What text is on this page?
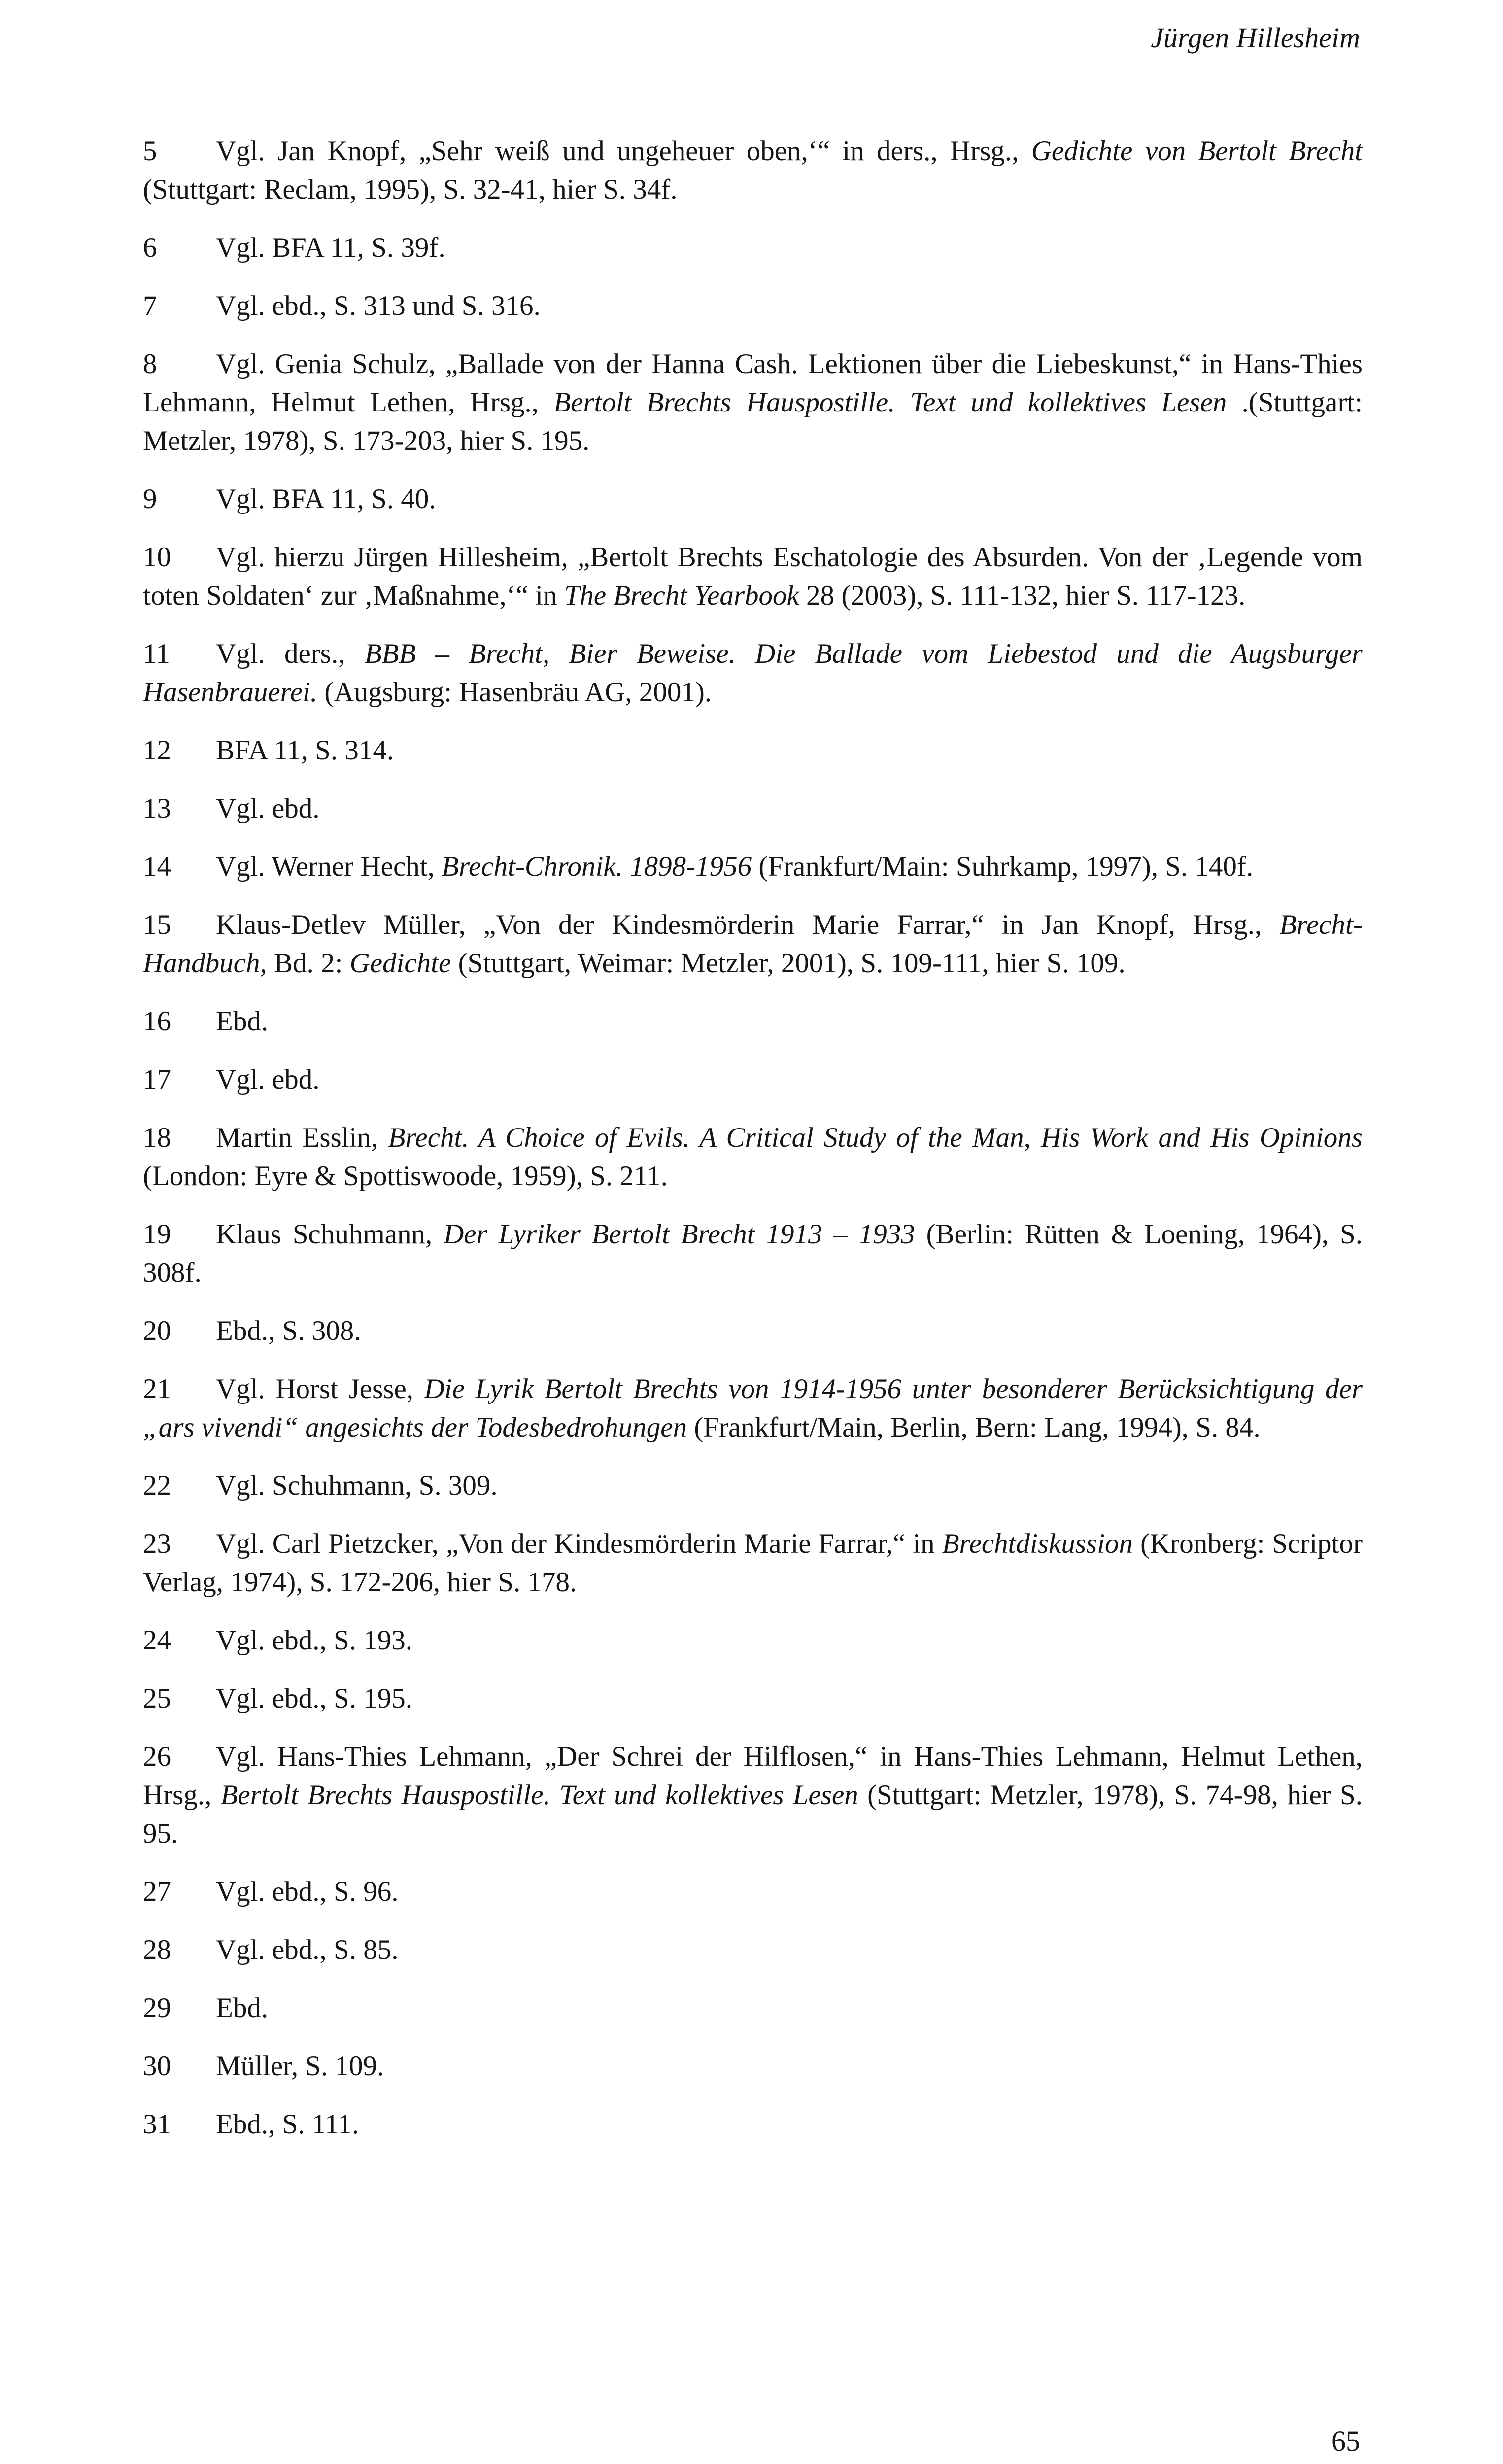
Jürgen Hillesheim

5 Vgl. Jan Knopf, „Sehr weiß und ungeheuer oben,‘“ in ders., Hrsg., Gedichte von Bertolt Brecht (Stuttgart: Reclam, 1995), S. 32-41, hier S. 34f.

6 Vgl. BFA 11, S. 39f.

7 Vgl. ebd., S. 313 und S. 316.

8 Vgl. Genia Schulz, „Ballade von der Hanna Cash. Lektionen über die Liebeskunst,“ in Hans-Thies Lehmann, Helmut Lethen, Hrsg., Bertolt Brechts Hauspostille. Text und kollektives Lesen .(Stuttgart: Metzler, 1978), S. 173-203, hier S. 195.

9 Vgl. BFA 11, S. 40.

10 Vgl. hierzu Jürgen Hillesheim, „Bertolt Brechts Eschatologie des Absurden. Von der ‚Legende vom toten Soldaten‘ zur ‚Maßnahme,‘“ in The Brecht Yearbook 28 (2003), S. 111-132, hier S. 117-123.

11 Vgl. ders., BBB – Brecht, Bier Beweise. Die Ballade vom Liebestod und die Augsburger Hasenbrauerei. (Augsburg: Hasenbräu AG, 2001).

12 BFA 11, S. 314.

13 Vgl. ebd.

14 Vgl. Werner Hecht, Brecht-Chronik. 1898-1956 (Frankfurt/Main: Suhrkamp, 1997), S. 140f.

15 Klaus-Detlev Müller, „Von der Kindesmörderin Marie Farrar,“ in Jan Knopf, Hrsg., Brecht-Handbuch, Bd. 2: Gedichte (Stuttgart, Weimar: Metzler, 2001), S. 109-111, hier S. 109.

16 Ebd.

17 Vgl. ebd.

18 Martin Esslin, Brecht. A Choice of Evils. A Critical Study of the Man, His Work and His Opinions (London: Eyre & Spottiswoode, 1959), S. 211.

19 Klaus Schuhmann, Der Lyriker Bertolt Brecht 1913 – 1933 (Berlin: Rütten & Loening, 1964), S. 308f.

20 Ebd., S. 308.

21 Vgl. Horst Jesse, Die Lyrik Bertolt Brechts von 1914-1956 unter besonderer Berücksichtigung der „ars vivendi“ angesichts der Todesbedrohungen (Frankfurt/Main, Berlin, Bern: Lang, 1994), S. 84.

22 Vgl. Schuhmann, S. 309.

23 Vgl. Carl Pietzcker, „Von der Kindesmörderin Marie Farrar,“ in Brechtdiskussion (Kronberg: Scriptor Verlag, 1974), S. 172-206, hier S. 178.

24 Vgl. ebd., S. 193.

25 Vgl. ebd., S. 195.

26 Vgl. Hans-Thies Lehmann, „Der Schrei der Hilflosen,“ in Hans-Thies Lehmann, Helmut Lethen, Hrsg., Bertolt Brechts Hauspostille. Text und kollektives Lesen (Stuttgart: Metzler, 1978), S. 74-98, hier S. 95.

27 Vgl. ebd., S. 96.

28 Vgl. ebd., S. 85.

29 Ebd.

30 Müller, S. 109.

31 Ebd., S. 111.

65
